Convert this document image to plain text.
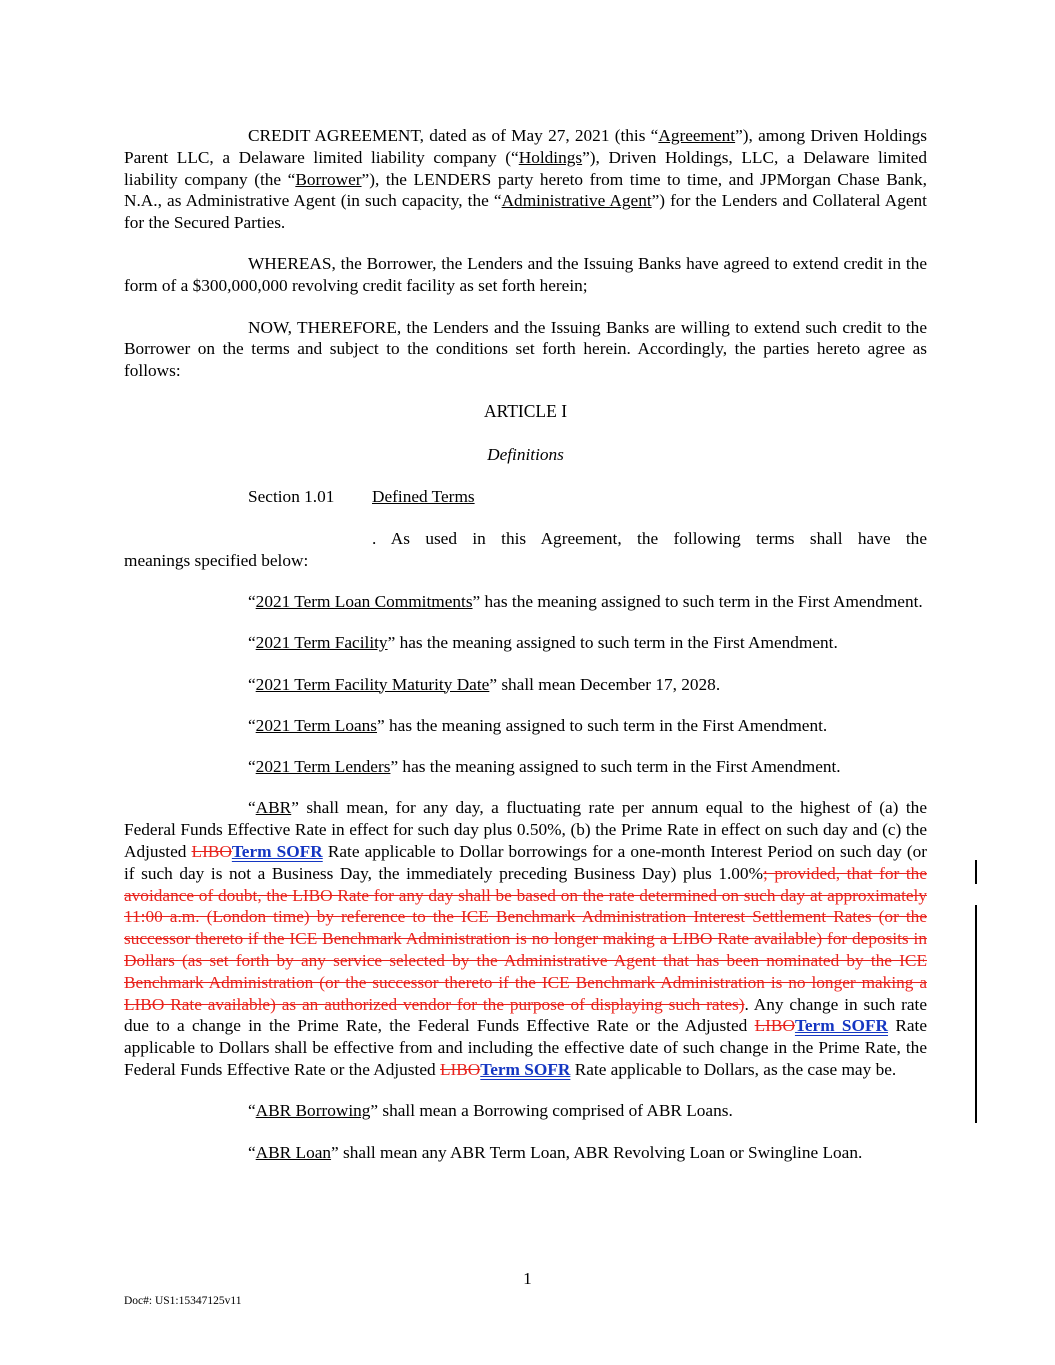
CREDIT AGREEMENT, dated as of May 27, 2021 (this “Agreement”), among Driven Holdings Parent LLC, a Delaware limited liability company (“Holdings”), Driven Holdings, LLC, a Delaware limited liability company (the “Borrower”), the LENDERS party hereto from time to time, and JPMorgan Chase Bank, N.A., as Administrative Agent (in such capacity, the “Administrative Agent”) for the Lenders and Collateral Agent for the Secured Parties.

WHEREAS, the Borrower, the Lenders and the Issuing Banks have agreed to extend credit in the form of a $300,000,000 revolving credit facility as set forth herein;

NOW, THEREFORE, the Lenders and the Issuing Banks are willing to extend such credit to the Borrower on the terms and subject to the conditions set forth herein. Accordingly, the parties hereto agree as follows:

ARTICLE I

Definitions

Section 1.01 Defined Terms

. As used in this Agreement, the following terms shall have the

meanings specified below:

“2021 Term Loan Commitments” has the meaning assigned to such term in the First Amendment.

“2021 Term Facility” has the meaning assigned to such term in the First Amendment.

“2021 Term Facility Maturity Date” shall mean December 17, 2028.

“2021 Term Loans” has the meaning assigned to such term in the First Amendment.

“2021 Term Lenders” has the meaning assigned to such term in the First Amendment.

“ABR” shall mean, for any day, a fluctuating rate per annum equal to the highest of (a) the Federal Funds Effective Rate in effect for such day plus 0.50%, (b) the Prime Rate in effect on such day and (c) the Adjusted LIBOTerm SOFR Rate applicable to Dollar borrowings for a one-month Interest Period on such day (or if such day is not a Business Day, the immediately preceding Business Day) plus 1.00%; provided, that for the avoidance of doubt, the LIBO Rate for any day shall be based on the rate determined on such day at approximately 11:00 a.m. (London time) by reference to the ICE Benchmark Administration Interest Settlement Rates (or the successor thereto if the ICE Benchmark Administration is no longer making a LIBO Rate available) for deposits in Dollars (as set forth by any service selected by the Administrative Agent that has been nominated by the ICE Benchmark Administration (or the successor thereto if the ICE Benchmark Administration is no longer making a LIBO Rate available) as an authorized vendor for the purpose of displaying such rates). Any change in such rate due to a change in the Prime Rate, the Federal Funds Effective Rate or the Adjusted LIBOTerm SOFR Rate applicable to Dollars shall be effective from and including the effective date of such change in the Prime Rate, the Federal Funds Effective Rate or the Adjusted LIBOTerm SOFR Rate applicable to Dollars, as the case may be.

“ABR Borrowing” shall mean a Borrowing comprised of ABR Loans.

“ABR Loan” shall mean any ABR Term Loan, ABR Revolving Loan or Swingline Loan.

1
Doc#: US1:15347125v11
